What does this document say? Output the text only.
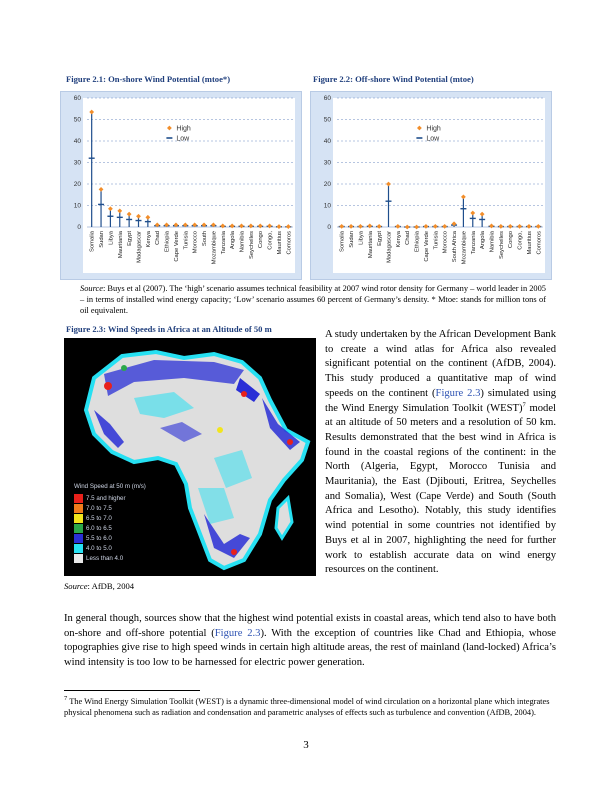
Figure 2.1: On-shore Wind Potential (mtoe*)	Figure 2.2: Off-shore Wind Potential (mtoe)
0
10
20
30
40
50
60
Somalia Sudan Libya Mauritania Egypt Madagascar Kenya Chad Ethiopia Cape Verde Tunisia Morocco South Mozambique Tanzania Angola Namibia Seychelles Congo Congo, Mauritius Comoros
High
Low
0
10
20
30
40
50
60
Somalia Sudan Libya Mauritania Egypt Madagascar Kenya Chad Ethiopia Cape Verde Tunisia Morocco South Africa Mozambique Tanzania Angola Namibia Seychelles Congo Congo, Mauritius Comoros
High
Low
Source: Buys et al (2007). The ‘high’ scenario assumes technical feasibility at 2007 wind rotor density for Germany – world leader in 2005 – in terms of installed wind energy capacity; ‘Low’ scenario assumes 60 percent of Germany’s density. * Mtoe: stands for million tons of oil equivalent.
Figure 2.3: Wind Speeds in Africa at an Altitude of 50 m
Wind Speed at 50 m (m/s)
7.5 and higher
7.0 to 7.5
6.5 to 7.0
6.0 to 6.5
5.5 to 6.0
4.0 to 5.0
Less than 4.0
Source: AfDB, 2004
A study undertaken by the African Development Bank to create a wind atlas for Africa also revealed significant potential on the continent (AfDB, 2004). This study produced a quantitative map of wind speeds on the continent (Figure 2.3) simulated using the Wind Energy Simulation Toolkit (WEST)$^7$ model at an altitude of 50 meters and a resolution of 50 km. Results demonstrated that the best wind in Africa is found in the coastal regions of the continent: in the North (Algeria, Egypt, Morocco Tunisia and Mauritania), the East (Djibouti, Eritrea, Seychelles and Somalia), West (Cape Verde) and South (South Africa and Lesotho). Notably, this study identifies wind potential in some countries not identified by Buys et al in 2007, highlighting the need for further work to establish accurate data on wind energy resources on the continent.
In general though, sources show that the highest wind potential exists in coastal areas, which tend also to have both on-shore and off-shore potential (Figure 2.3). With the exception of countries like Chad and Ethiopia, whose topographies give rise to high speed winds in certain high altitude areas, the rest of mainland (land-locked) Africa’s wind intensity is too low to be harnessed for electric power generation.
$^7$ The Wind Energy Simulation Toolkit (WEST) is a dynamic three-dimensional model of wind circulation on a horizontal plane which integrates physical phenomena such as radiation and condensation and parametric analyses of effects such as turbulence and convention (AfDB, 2004).
3
